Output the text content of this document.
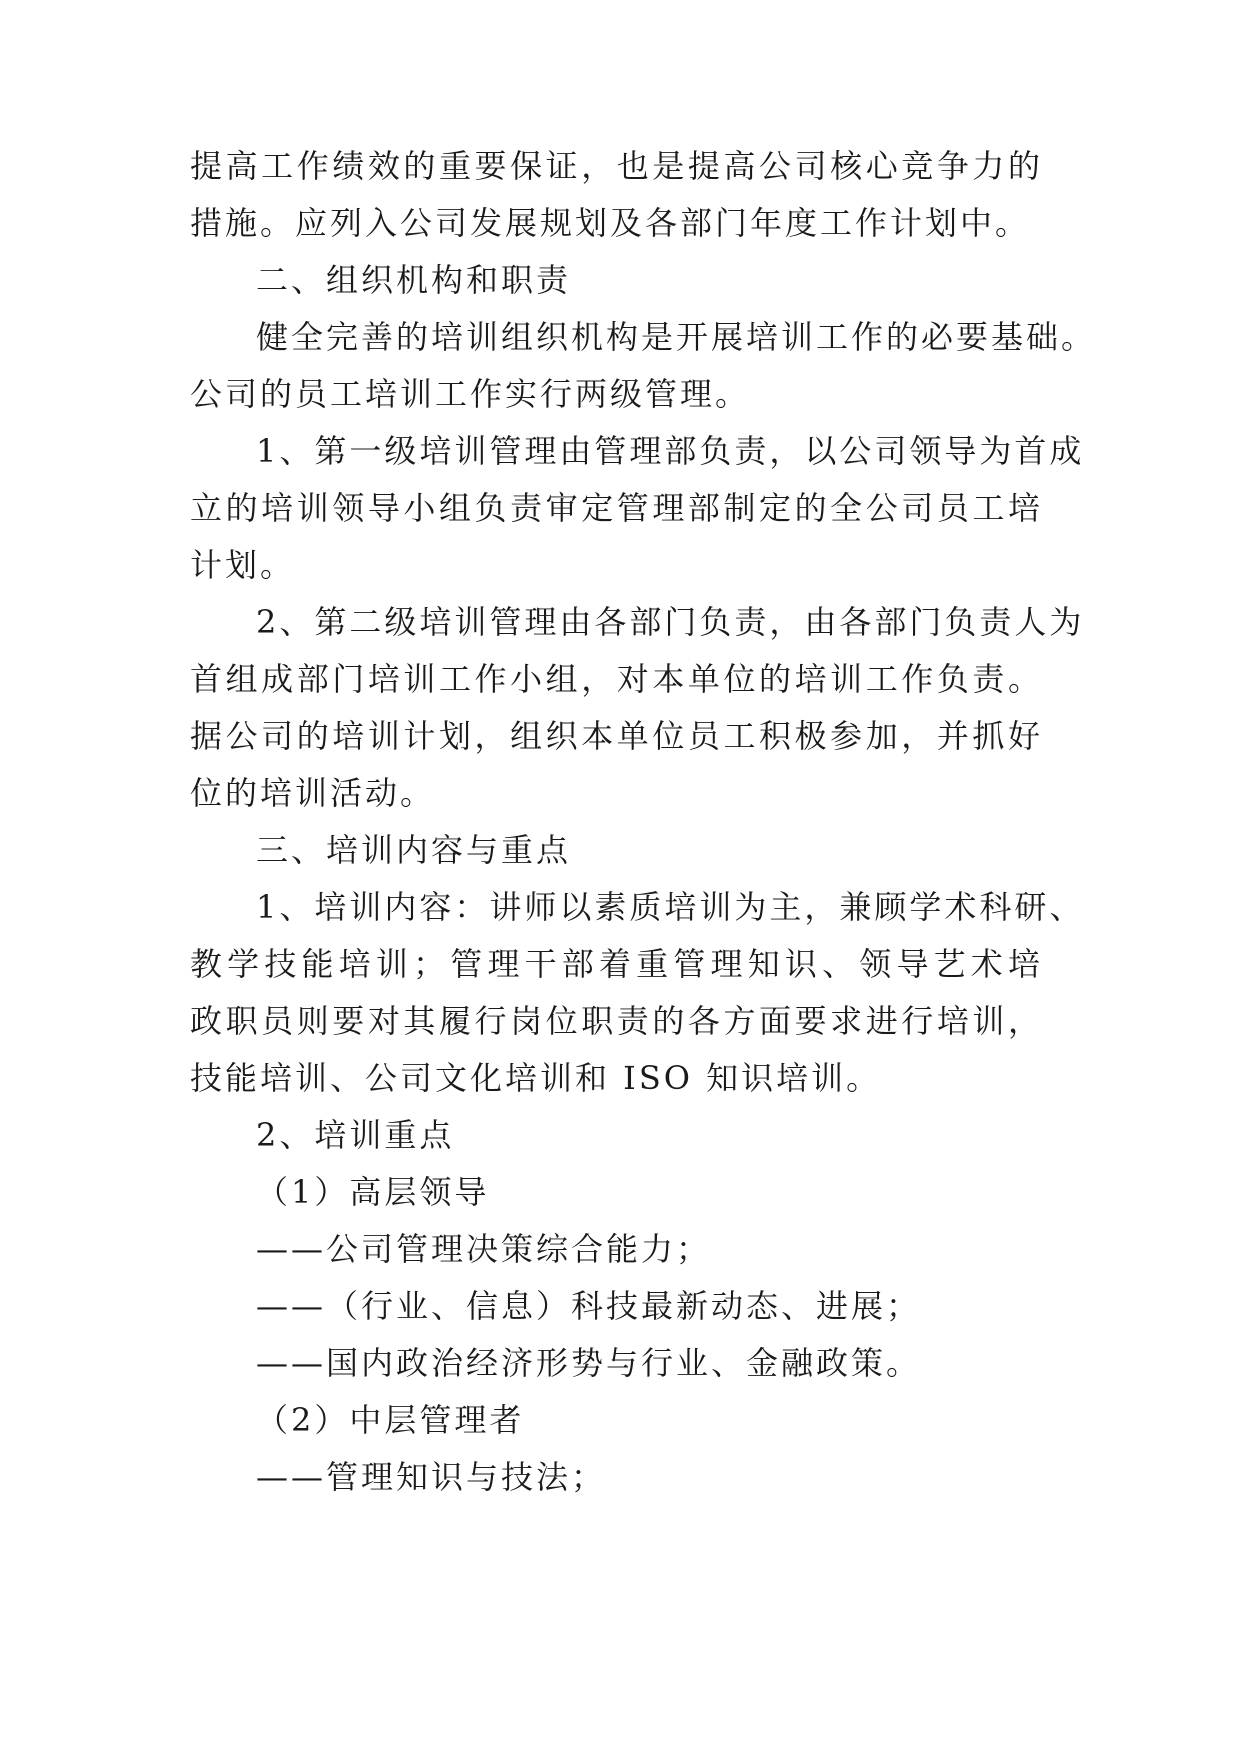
提高工作绩效的重要保证，也是提高公司核心竞争力的
措施。应列入公司发展规划及各部门年度工作计划中。
二、组织机构和职责
健全完善的培训组织机构是开展培训工作的必要基础。
公司的员工培训工作实行两级管理。
1、第一级培训管理由管理部负责，以公司领导为首成
立的培训领导小组负责审定管理部制定的全公司员工培
计划。
2、第二级培训管理由各部门负责，由各部门负责人为
首组成部门培训工作小组，对本单位的培训工作负责。
据公司的培训计划，组织本单位员工积极参加，并抓好
位的培训活动。
三、培训内容与重点
1、培训内容：讲师以素质培训为主，兼顾学术科研、
教学技能培训；管理干部着重管理知识、领导艺术培
政职员则要对其履行岗位职责的各方面要求进行培训，
技能培训、公司文化培训和 ISO 知识培训。
2、培训重点
（1）高层领导
——公司管理决策综合能力；
——（行业、信息）科技最新动态、进展；
——国内政治经济形势与行业、金融政策。
（2）中层管理者
——管理知识与技法；
